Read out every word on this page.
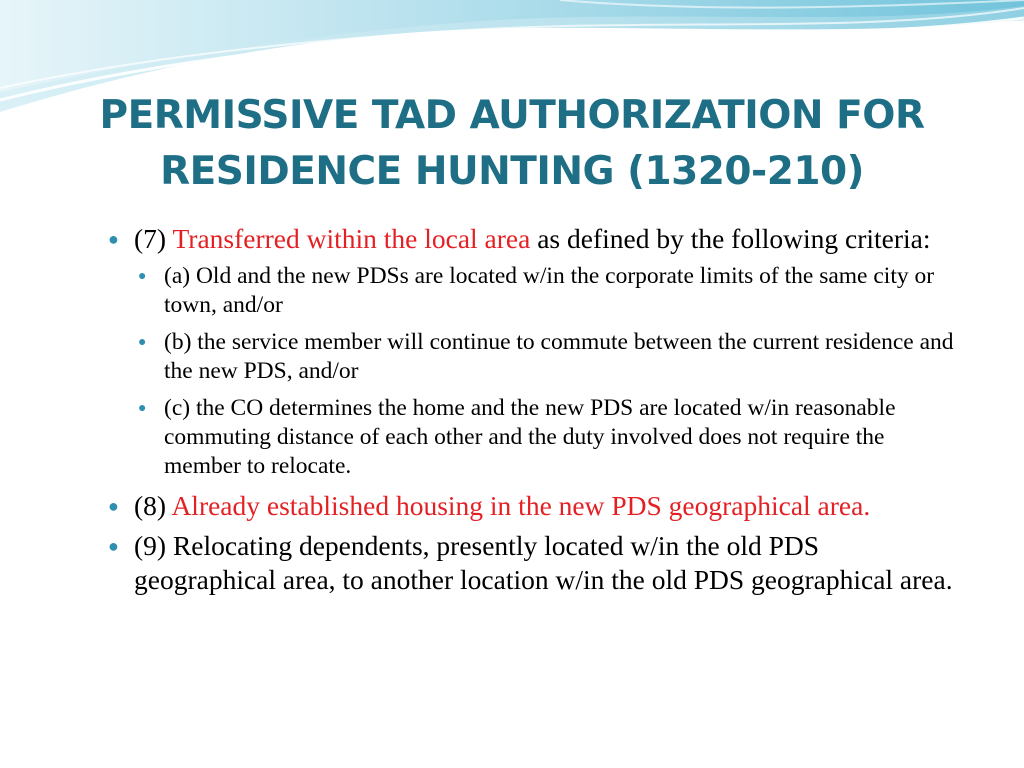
PERMISSIVE TAD AUTHORIZATION FOR
RESIDENCE HUNTING (1320-210)
● (7) Transferred within the local area as defined by the following criteria:
● (a) Old and the new PDSs are located w/in the corporate limits of the same city or town, and/or
● (b) the service member will continue to commute between the current residence and the new PDS, and/or
● (c) the CO determines the home and the new PDS are located w/in reasonable commuting distance of each other and the duty involved does not require the member to relocate.
● (8) Already established housing in the new PDS geographical area.
● (9) Relocating dependents, presently located w/in the old PDS geographical area, to another location w/in the old PDS geographical area.
